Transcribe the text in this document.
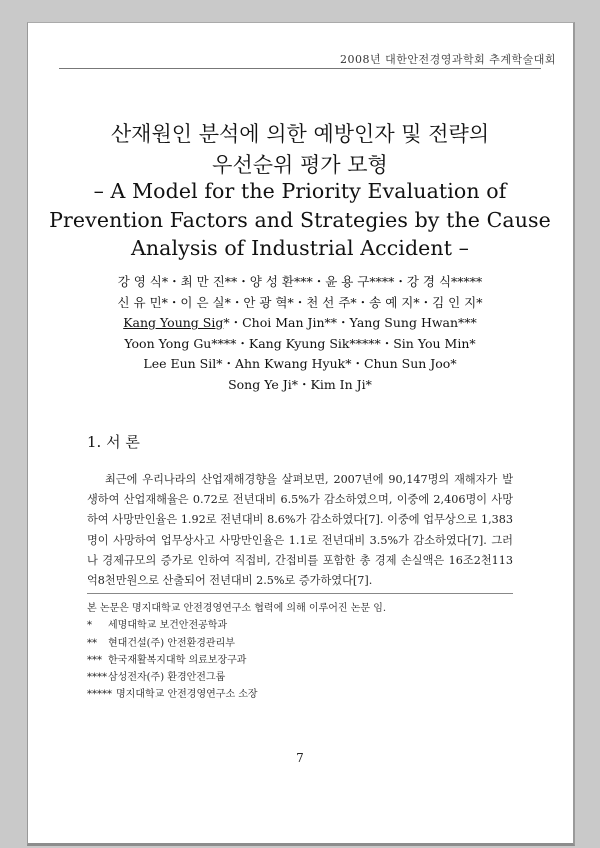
2008년 대한안전경영과학회 추계학술대회
산재원인 분석에 의한 예방인자 및 전략의
우선순위 평가 모형
– A Model for the Priority Evaluation of
Prevention Factors and Strategies by the Cause
Analysis of Industrial Accident –
강 영 식*・최 만 진**・양 성 환***・윤 용 구****・강 경 식*****
신 유 민*・이 은 실*・안 광 혁*・천 선 주*・송 예 지*・김 인 지*
Kang Young Sig*・Choi Man Jin**・Yang Sung Hwan***
Yoon Yong Gu****・Kang Kyung Sik*****・Sin You Min*
Lee Eun Sil*・Ahn Kwang Hyuk*・Chun Sun Joo*
Song Ye Ji*・Kim In Ji*
1. 서 론

최근에 우리나라의 산업재해경향을 살펴보면, 2007년에 90,147명의 재해자가 발생하여 산업재해율은 0.72로 전년대비 6.5%가 감소하였으며, 이중에 2,406명이 사망하여 사망만인율은 1.92로 전년대비 8.6%가 감소하였다[7]. 이중에 업무상으로 1,383명이 사망하여 업무상사고 사망만인율은 1.1로 전년대비 3.5%가 감소하였다[7]. 그러나 경제규모의 증가로 인하여 직접비, 간접비를 포함한 총 경제 손실액은 16조2천113억8천만원으로 산출되어 전년대비 2.5%로 증가하였다[7].

본 논문은 명지대학교 안전경영연구소 협력에 의해 이루어진 논문 임.
*	세명대학교 보건안전공학과
**	현대건설(주) 안전환경관리부
*** 한국재활복지대학 의료보장구과
**** 삼성전자(주) 환경안전그룹
***** 명지대학교 안전경영연구소 소장
7
